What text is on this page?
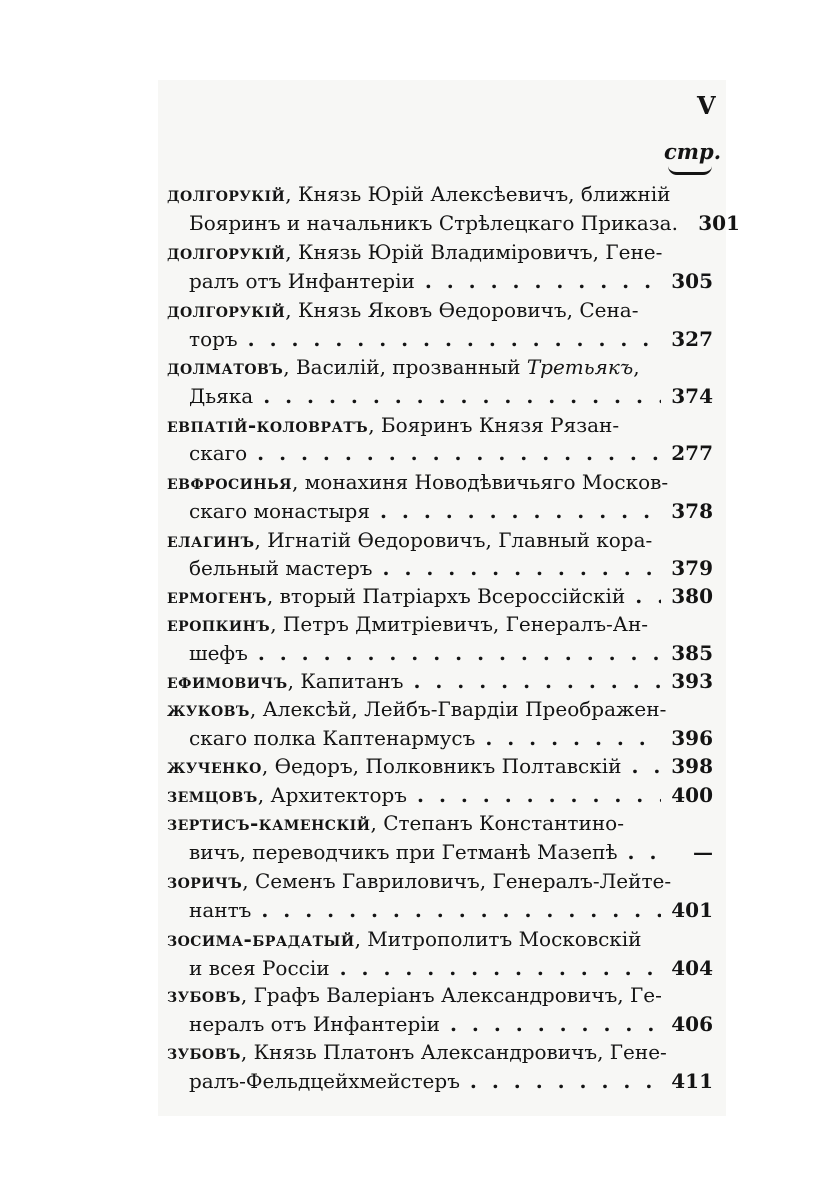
V
стр.
долгорукій, Князь Юрій Алексѣевичъ, ближній
Бояринъ и начальникъ Стрѣлецкаго Приказа.	301
долгорукій, Князь Юрій Владиміровичъ, Гене-
ралъ отъ Инфантеріи . . .	305
долгорукій, Князь Яковъ Ѳедоровичъ, Сена-
торъ . . .	327
долматовъ, Василій, прозванный Третьякъ,
Дьяка . . .	374
евпатій-коловратъ, Бояринъ Князя Рязан-
скаго . . .	277
евфросинья, монахиня Новодѣвичьяго Москов-
скаго монастыря . . .	378
елагинъ, Игнатій Ѳедоровичъ, Главный кора-
бельный мастеръ . . .	379
ермогенъ, вторый Патріархъ Всероссійскій . . .	380
еропкинъ, Петръ Дмитріевичъ, Генералъ-Ан-
шефъ . . .	385
ефимовичъ, Капитанъ . . .	393
жуковъ, Алексѣй, Лейбъ-Гвардіи Преображен-
скаго полка Каптенармусъ . . .	396
жученко, Ѳедоръ, Полковникъ Полтавскій . . .	398
земцовъ, Архитекторъ . . .	400
зертисъ-каменскій, Степанъ Константино-
вичъ, переводчикъ при Гетманѣ Мазепѣ . . .	—
зоричъ, Семенъ Гавриловичъ, Генералъ-Лейте-
нантъ . . .	401
зосима-брадатый, Митрополитъ Московскій
и всея Россіи . . .	404
зубовъ, Графъ Валеріанъ Александровичъ, Ге-
нералъ отъ Инфантеріи . . .	406
зубовъ, Князь Платонъ Александровичъ, Гене-
ралъ-Фельдцейхмейстеръ . . .	411
